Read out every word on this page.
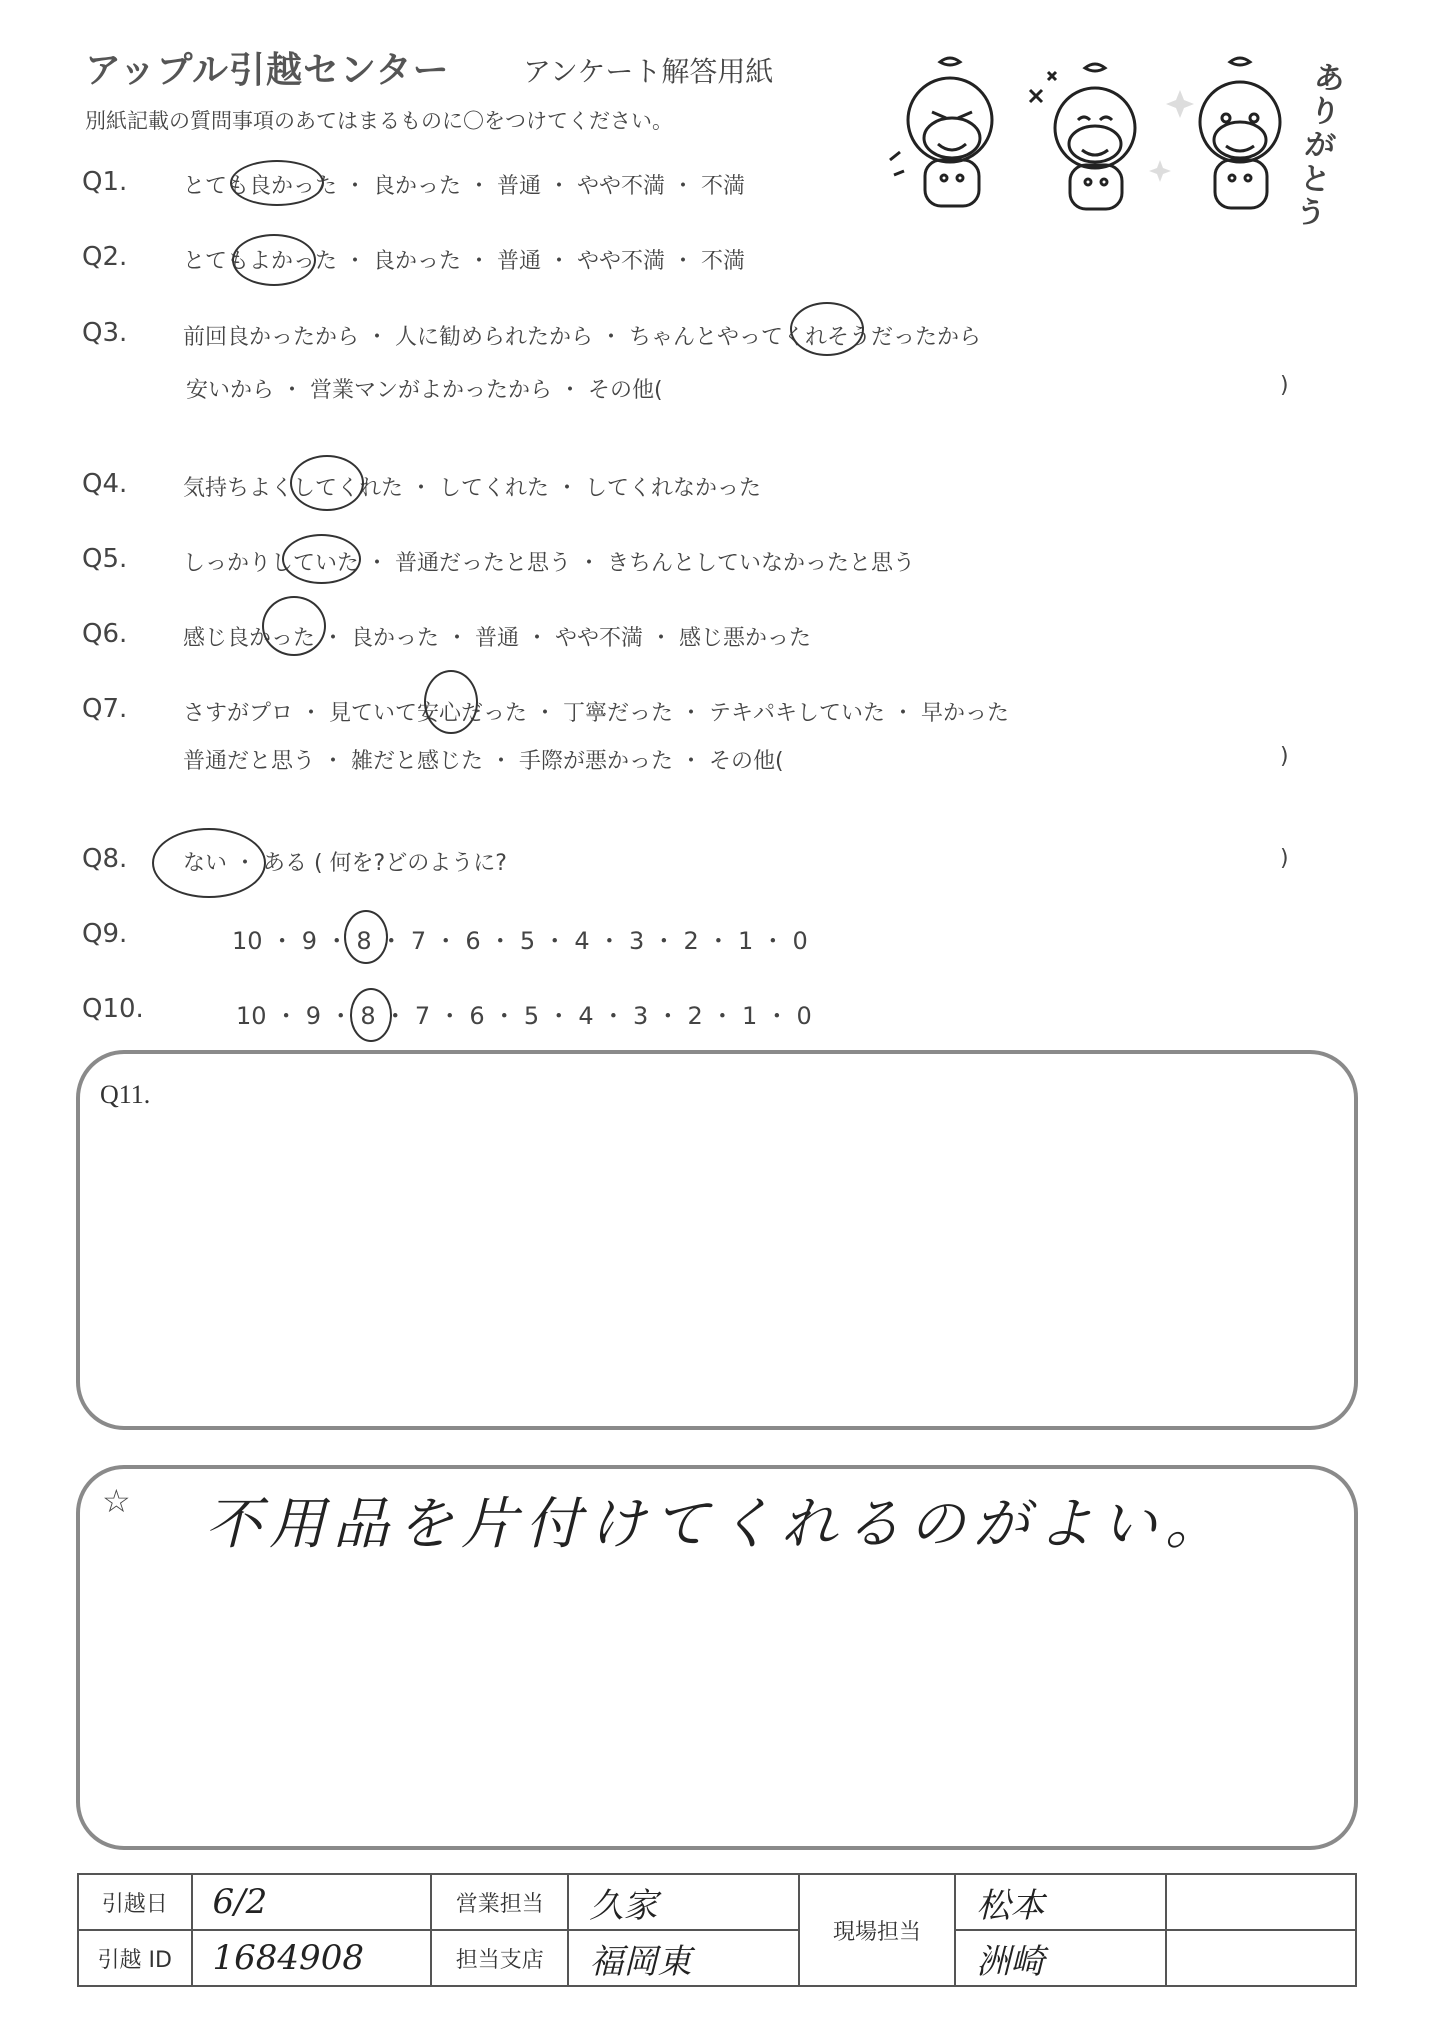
アップル引越センター	アンケート解答用紙
別紙記載の質問事項のあてはまるものに〇をつけてください。
ありがとう
Q1.	とても良かった ・ 良かった ・ 普通 ・ やや不満 ・ 不満
Q2.	とてもよかった ・ 良かった ・ 普通 ・ やや不満 ・ 不満
Q3.	前回良かったから ・ 人に勧められたから ・ ちゃんとやってくれそうだったから
安いから ・ 営業マンがよかったから ・ その他(	)
Q4.	気持ちよくしてくれた ・ してくれた ・ してくれなかった
Q5.	しっかりしていた ・ 普通だったと思う ・ きちんとしていなかったと思う
Q6.	感じ良かった ・ 良かった ・ 普通 ・ やや不満 ・ 感じ悪かった
Q7.	さすがプロ ・ 見ていて安心だった ・ 丁寧だった ・ テキパキしていた ・ 早かった
普通だと思う ・ 雑だと感じた ・ 手際が悪かった ・ その他(	)
Q8.	ない ・ ある ( 何を?どのように?	)
Q9.	10 ・ 9 ・ 8 ・ 7 ・ 6 ・ 5 ・ 4 ・ 3 ・ 2 ・ 1 ・ 0
Q10.	10 ・ 9 ・ 8 ・ 7 ・ 6 ・ 5 ・ 4 ・ 3 ・ 2 ・ 1 ・ 0
Q11.
☆ 不用品を片付けてくれるのがよい。
引越日	6/2	営業担当	久家	現場担当	松本	
引越 ID	1684908	担当支店	福岡東		洲崎	
